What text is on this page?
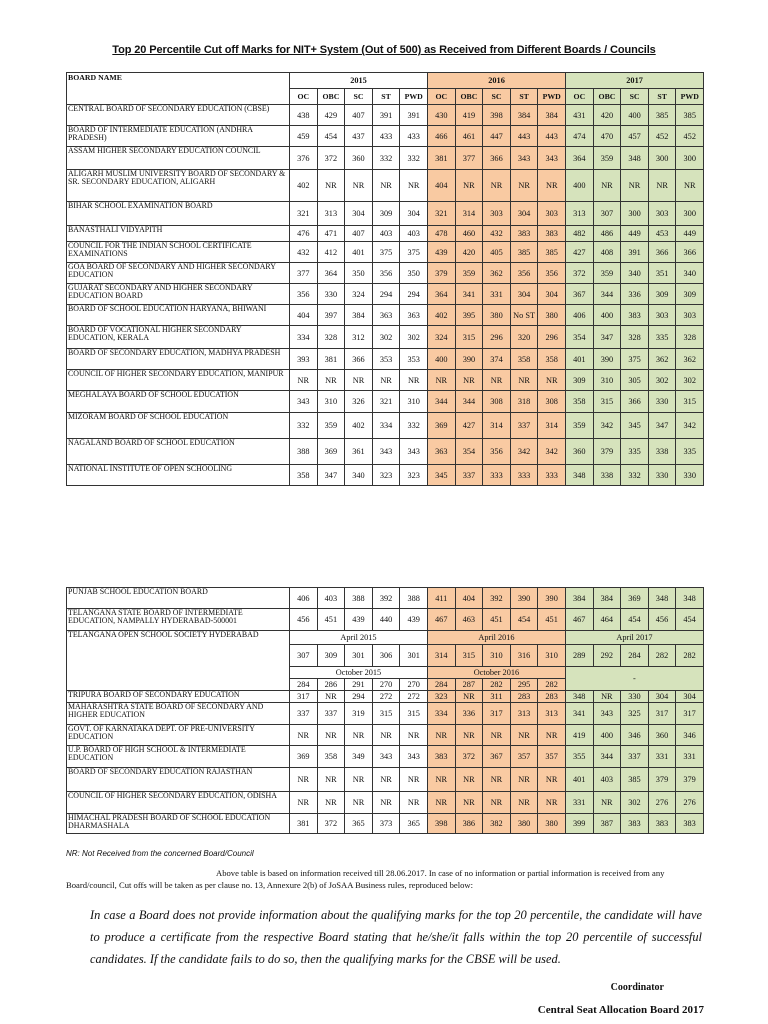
Top 20 Percentile Cut off Marks for NIT+ System (Out of 500) as Received from Different Boards / Councils
BOARD NAME	2015					2016					2017				
	OC	OBC	SC	ST	PWD	OC	OBC	SC	ST	PWD	OC	OBC	SC	ST	PWD
CENTRAL BOARD OF SECONDARY EDUCATION (CBSE)	438	429	407	391	391	430	419	398	384	384	431	420	400	385	385
BOARD OF INTERMEDIATE EDUCATION (ANDHRA PRADESH)	459	454	437	433	433	466	461	447	443	443	474	470	457	452	452
ASSAM HIGHER SECONDARY EDUCATION COUNCIL	376	372	360	332	332	381	377	366	343	343	364	359	348	300	300
ALIGARH MUSLIM UNIVERSITY BOARD OF SECONDARY & SR. SECONDARY EDUCATION, ALIGARH	402	NR	NR	NR	NR	404	NR	NR	NR	NR	400	NR	NR	NR	NR
BIHAR SCHOOL EXAMINATION BOARD	321	313	304	309	304	321	314	303	304	303	313	307	300	303	300
BANASTHALI VIDYAPITH	476	471	407	403	403	478	460	432	383	383	482	486	449	453	449
COUNCIL FOR THE INDIAN SCHOOL CERTIFICATE EXAMINATIONS	432	412	401	375	375	439	420	405	385	385	427	408	391	366	366
GOA BOARD OF SECONDARY AND HIGHER SECONDARY EDUCATION	377	364	350	356	350	379	359	362	356	356	372	359	340	351	340
GUJARAT SECONDARY AND HIGHER SECONDARY EDUCATION BOARD	356	330	324	294	294	364	341	331	304	304	367	344	336	309	309
BOARD OF SCHOOL EDUCATION HARYANA, BHIWANI	404	397	384	363	363	402	395	380	No ST	380	406	400	383	303	303
BOARD OF VOCATIONAL HIGHER SECONDARY EDUCATION, KERALA	334	328	312	302	302	324	315	296	320	296	354	347	328	335	328
BOARD OF SECONDARY EDUCATION, MADHYA PRADESH	393	381	366	353	353	400	390	374	358	358	401	390	375	362	362
COUNCIL OF HIGHER SECONDARY EDUCATION, MANIPUR	NR	NR	NR	NR	NR	NR	NR	NR	NR	NR	309	310	305	302	302
MEGHALAYA BOARD OF SCHOOL EDUCATION	343	310	326	321	310	344	344	308	318	308	358	315	366	330	315
MIZORAM BOARD OF SCHOOL EDUCATION	332	359	402	334	332	369	427	314	337	314	359	342	345	347	342
NAGALAND BOARD OF SCHOOL EDUCATION	388	369	361	343	343	363	354	356	342	342	360	379	335	338	335
NATIONAL INSTITUTE OF OPEN SCHOOLING	358	347	340	323	323	345	337	333	333	333	348	338	332	330	330
PUNJAB SCHOOL EDUCATION BOARD	406	403	388	392	388	411	404	392	390	390	384	384	369	348	348
TELANGANA STATE BOARD OF INTERMEDIATE EDUCATION, NAMPALLY HYDERABAD-500001	456	451	439	440	439	467	463	451	454	451	467	464	454	456	454
TELANGANA OPEN SCHOOL SOCIETY HYDERABAD	April 2015					April 2016					April 2017				
	307	309	301	306	301	314	315	310	316	310	289	292	284	282	282
	October 2015					October 2016					-				
	284	286	291	270	270	284	287	282	295	282					
TRIPURA BOARD OF SECONDARY EDUCATION	317	NR	294	272	272	323	NR	311	283	283	348	NR	330	304	304
MAHARASHTRA STATE BOARD OF SECONDARY AND HIGHER EDUCATION	337	337	319	315	315	334	336	317	313	313	341	343	325	317	317
GOVT. OF KARNATAKA DEPT. OF PRE-UNIVERSITY EDUCATION	NR	NR	NR	NR	NR	NR	NR	NR	NR	NR	419	400	346	360	346
U.P. BOARD OF HIGH SCHOOL & INTERMEDIATE EDUCATION	369	358	349	343	343	383	372	367	357	357	355	344	337	331	331
BOARD OF SECONDARY EDUCATION RAJASTHAN	NR	NR	NR	NR	NR	NR	NR	NR	NR	NR	401	403	385	379	379
COUNCIL OF HIGHER SECONDARY EDUCATION, ODISHA	NR	NR	NR	NR	NR	NR	NR	NR	NR	NR	331	NR	302	276	276
HIMACHAL PRADESH BOARD OF SCHOOL EDUCATION DHARMASHALA	381	372	365	373	365	398	386	382	380	380	399	387	383	383	383
NR: Not Received from the concerned Board/Council
Above table is based on information received till 28.06.2017. In case of no information or partial information is received from any Board/council, Cut offs will be taken as per clause no. 13, Annexure 2(b) of JoSAA Business rules, reproduced below:
In case a Board does not provide information about the qualifying marks for the top 20 percentile, the candidate will have to produce a certificate from the respective Board stating that he/she/it falls within the top 20 percentile of successful candidates. If the candidate fails to do so, then the qualifying marks for the CBSE will be used.
Coordinator
Central Seat Allocation Board 2017
